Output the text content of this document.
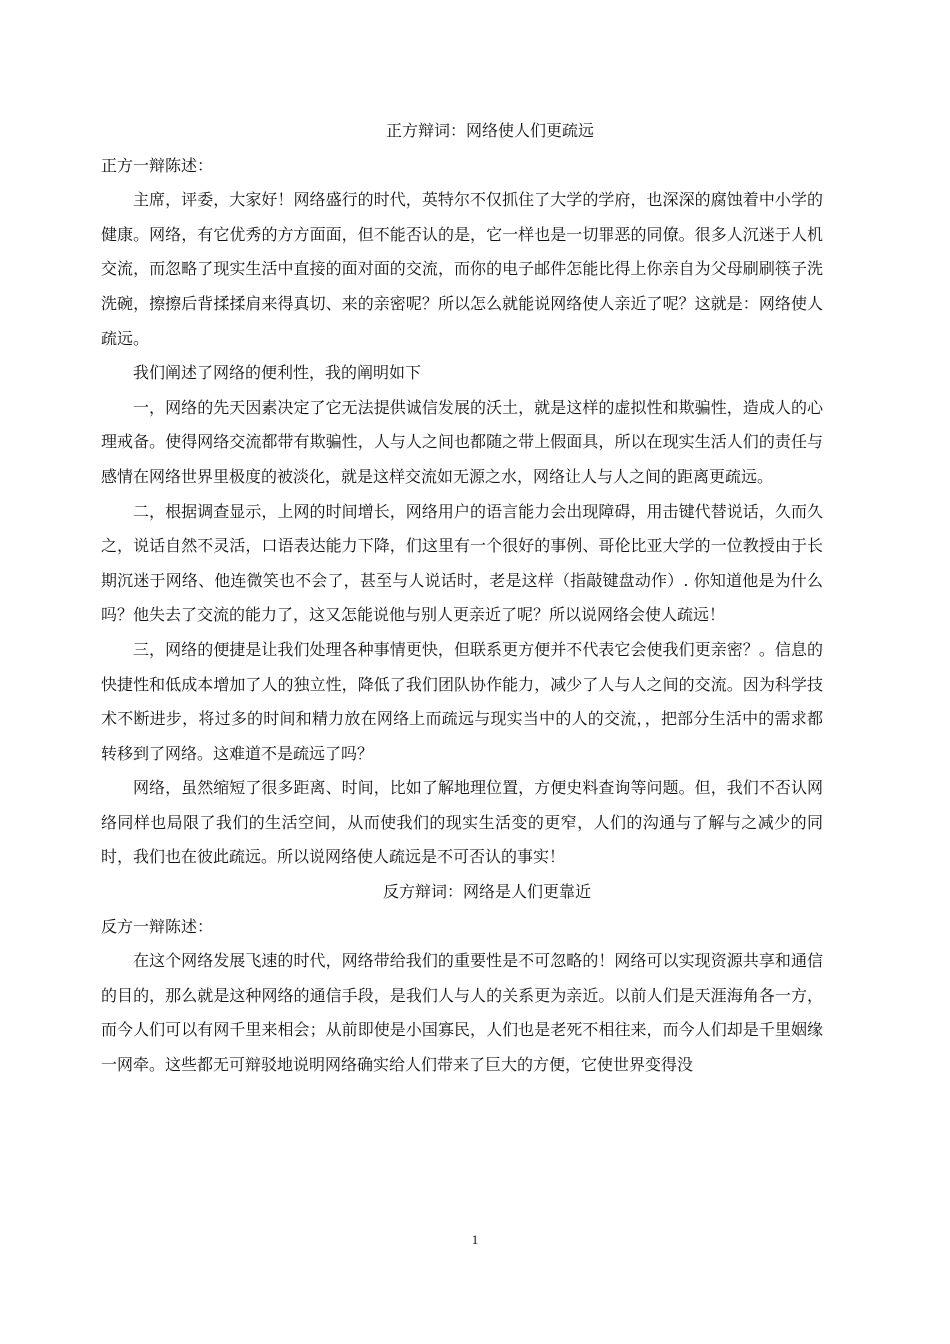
正方辩词：网络使人们更疏远

正方一辩陈述：

主席，评委，大家好！网络盛行的时代，英特尔不仅抓住了大学的学府，也深深的腐蚀着中小学的健康。网络，有它优秀的方方面面，但不能否认的是，它一样也是一切罪恶的同僚。很多人沉迷于人机交流，而忽略了现实生活中直接的面对面的交流，而你的电子邮件怎能比得上你亲自为父母刷刷筷子洗洗碗，擦擦后背揉揉肩来得真切、来的亲密呢？所以怎么就能说网络使人亲近了呢？这就是：网络使人疏远。

我们阐述了网络的便利性，我的阐明如下

一，网络的先天因素决定了它无法提供诚信发展的沃土，就是这样的虚拟性和欺骗性，造成人的心理戒备。使得网络交流都带有欺骗性，人与人之间也都随之带上假面具，所以在现实生活人们的责任与感情在网络世界里极度的被淡化，就是这样交流如无源之水，网络让人与人之间的距离更疏远。

二，根据调查显示，上网的时间增长，网络用户的语言能力会出现障碍，用击键代替说话，久而久之，说话自然不灵活，口语表达能力下降，们这里有一个很好的事例、哥伦比亚大学的一位教授由于长期沉迷于网络、他连微笑也不会了，甚至与人说话时，老是这样（指敲键盘动作）. 你知道他是为什么吗？他失去了交流的能力了，这又怎能说他与别人更亲近了呢？所以说网络会使人疏远！

三，网络的便捷是让我们处理各种事情更快，但联系更方便并不代表它会使我们更亲密？。信息的快捷性和低成本增加了人的独立性，降低了我们团队协作能力，减少了人与人之间的交流。因为科学技术不断进步，将过多的时间和精力放在网络上而疏远与现实当中的人的交流，，把部分生活中的需求都转移到了网络。这难道不是疏远了吗？

网络，虽然缩短了很多距离、时间，比如了解地理位置，方便史料查询等问题。但，我们不否认网络同样也局限了我们的生活空间，从而使我们的现实生活变的更窄，人们的沟通与了解与之减少的同时，我们也在彼此疏远。所以说网络使人疏远是不可否认的事实！

反方辩词：网络是人们更靠近

反方一辩陈述：

在这个网络发展飞速的时代，网络带给我们的重要性是不可忽略的！网络可以实现资源共享和通信的目的，那么就是这种网络的通信手段，是我们人与人的关系更为亲近。以前人们是天涯海角各一方，而今人们可以有网千里来相会；从前即使是小国寡民，人们也是老死不相往来，而今人们却是千里姻缘一网牵。这些都无可辩驳地说明网络确实给人们带来了巨大的方便，它使世界变得没

1
